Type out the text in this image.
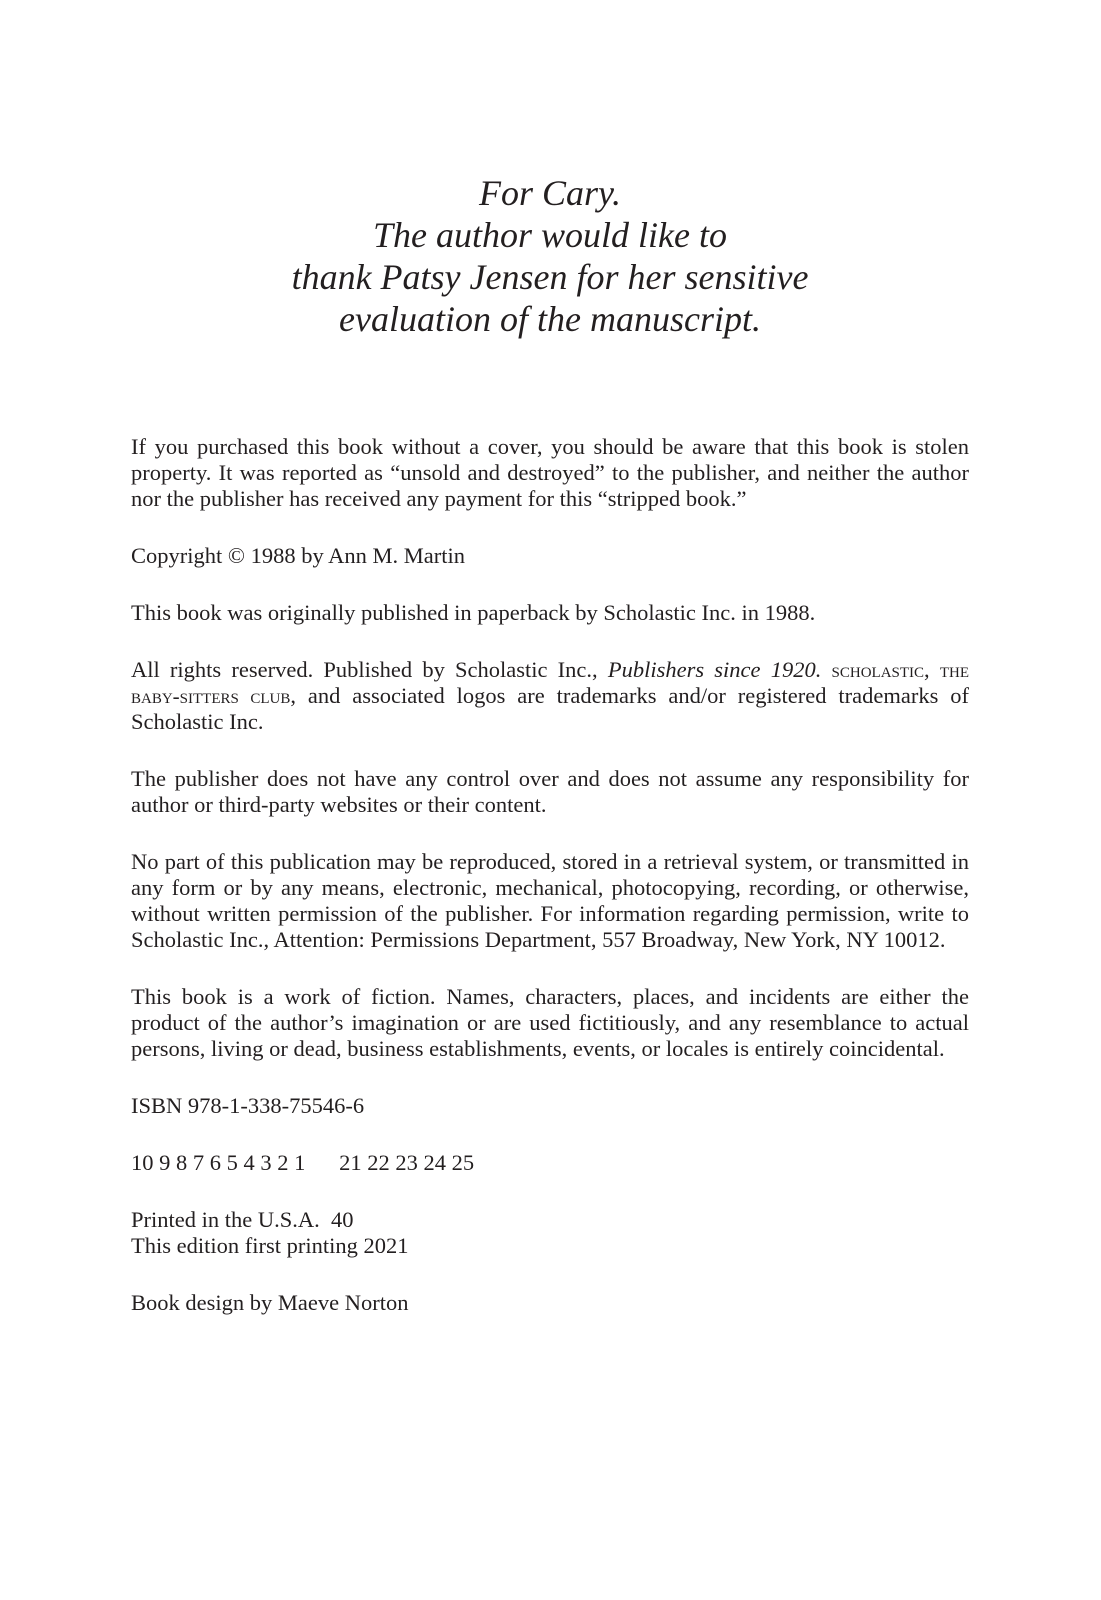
For Cary.
The author would like to
thank Patsy Jensen for her sensitive
evaluation of the manuscript.

If you purchased this book without a cover, you should be aware that this book is stolen property. It was reported as “unsold and destroyed” to the publisher, and neither the author nor the publisher has received any payment for this “stripped book.”

Copyright © 1988 by Ann M. Martin

This book was originally published in paperback by Scholastic Inc. in 1988.

All rights reserved. Published by Scholastic Inc., Publishers since 1920. scholastic, the baby-sitters club, and associated logos are trademarks and/or registered trademarks of Scholastic Inc.

The publisher does not have any control over and does not assume any responsibility for author or third-party websites or their content.

No part of this publication may be reproduced, stored in a retrieval system, or transmitted in any form or by any means, electronic, mechanical, photocopying, recording, or otherwise, without written permission of the publisher. For information regarding permission, write to Scholastic Inc., Attention: Permissions Department, 557 Broadway, New York, NY 10012.

This book is a work of fiction. Names, characters, places, and incidents are either the product of the author’s imagination or are used fictitiously, and any resemblance to actual persons, living or dead, business establishments, events, or locales is entirely coincidental.

ISBN 978-1-338-75546-6

10 9 8 7 6 5 4 3 2 1      21 22 23 24 25

Printed in the U.S.A.  40
This edition first printing 2021

Book design by Maeve Norton
